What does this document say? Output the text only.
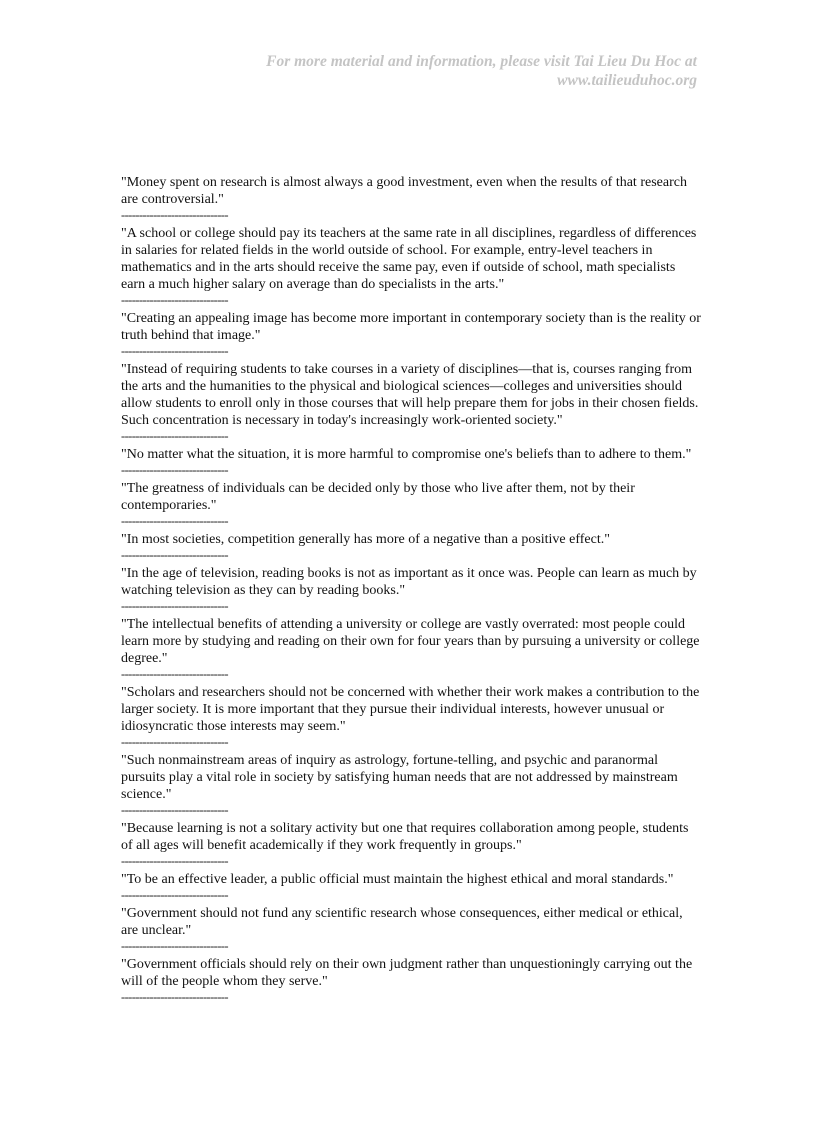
For more material and information, please visit Tai Lieu Du Hoc at
www.tailieuduhoc.org

"Money spent on research is almost always a good investment, even when the results of that research are controversial."

------------------------------

"A school or college should pay its teachers at the same rate in all disciplines, regardless of differences in salaries for related fields in the world outside of school. For example, entry-level teachers in mathematics and in the arts should receive the same pay, even if outside of school, math specialists earn a much higher salary on average than do specialists in the arts."

------------------------------

"Creating an appealing image has become more important in contemporary society than is the reality or truth behind that image."

------------------------------

"Instead of requiring students to take courses in a variety of disciplines—that is, courses ranging from the arts and the humanities to the physical and biological sciences—colleges and universities should allow students to enroll only in those courses that will help prepare them for jobs in their chosen fields. Such concentration is necessary in today's increasingly work-oriented society."

------------------------------

"No matter what the situation, it is more harmful to compromise one's beliefs than to adhere to them."

------------------------------

"The greatness of individuals can be decided only by those who live after them, not by their contemporaries."

------------------------------

"In most societies, competition generally has more of a negative than a positive effect."

------------------------------

"In the age of television, reading books is not as important as it once was. People can learn as much by watching television as they can by reading books."

------------------------------

"The intellectual benefits of attending a university or college are vastly overrated: most people could learn more by studying and reading on their own for four years than by pursuing a university or college degree."

------------------------------

"Scholars and researchers should not be concerned with whether their work makes a contribution to the larger society. It is more important that they pursue their individual interests, however unusual or idiosyncratic those interests may seem."

------------------------------

"Such nonmainstream areas of inquiry as astrology, fortune-telling, and psychic and paranormal pursuits play a vital role in society by satisfying human needs that are not addressed by mainstream science."

------------------------------

"Because learning is not a solitary activity but one that requires collaboration among people, students of all ages will benefit academically if they work frequently in groups."

------------------------------

"To be an effective leader, a public official must maintain the highest ethical and moral standards."

------------------------------

"Government should not fund any scientific research whose consequences, either medical or ethical, are unclear."

------------------------------

"Government officials should rely on their own judgment rather than unquestioningly carrying out the will of the people whom they serve."

------------------------------
